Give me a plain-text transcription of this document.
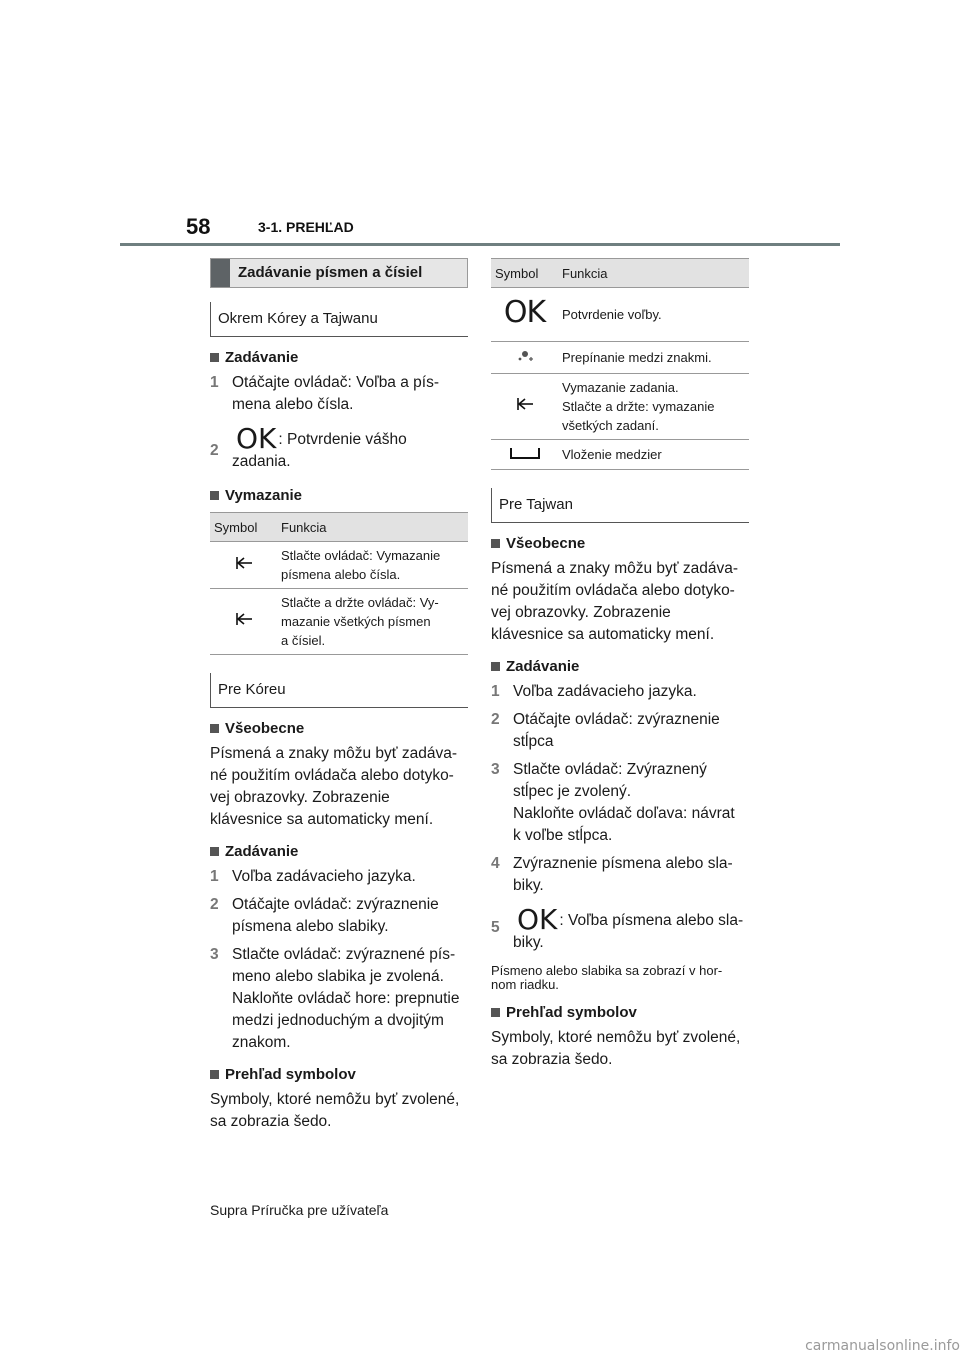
58	3-1. PREHĽAD
Zadávanie písmen a čísiel
Okrem Kórey a Tajwanu
Zadávanie
1 Otáčajte ovládač: Voľba a pís-
mena alebo čísla.
2 OK : Potvrdenie vášho zadania.
Vymazanie
Symbol	Funkcia
	Stlačte ovládač: Vymazanie
písmena alebo čísla.
	Stlačte a držte ovládač: Vy-
mazanie všetkých písmen
a čísiel.
Pre Kóreu
Všeobecne
Písmená a znaky môžu byť zadáva-
né použitím ovládača alebo dotyko-
vej obrazovky. Zobrazenie
klávesnice sa automaticky mení.
Zadávanie
1 Voľba zadávacieho jazyka.
2 Otáčajte ovládač: zvýraznenie
písmena alebo slabiky.
3 Stlačte ovládač: zvýraznené pís-
meno alebo slabika je zvolená.
Nakloňte ovládač hore: prepnutie
medzi jednoduchým a dvojitým
znakom.
Prehľad symbolov
Symboly, ktoré nemôžu byť zvolené,
sa zobrazia šedo.
Symbol	Funkcia
OK	Potvrdenie voľby.
	Prepínanie medzi znakmi.
	Vymazanie zadania.
Stlačte a držte: vymazanie
všetkých zadaní.
	Vloženie medzier
Pre Tajwan
Všeobecne
Písmená a znaky môžu byť zadáva-
né použitím ovládača alebo dotyko-
vej obrazovky. Zobrazenie
klávesnice sa automaticky mení.
Zadávanie
1 Voľba zadávacieho jazyka.
2 Otáčajte ovládač: zvýraznenie
stĺpca
3 Stlačte ovládač: Zvýraznený
stĺpec je zvolený.
Nakloňte ovládač doľava: návrat
k voľbe stĺpca.
4 Zvýraznenie písmena alebo sla-
biky.
5 OK : Voľba písmena alebo sla-
biky.
Písmeno alebo slabika sa zobrazí v hor-
nom riadku.
Prehľad symbolov
Symboly, ktoré nemôžu byť zvolené,
sa zobrazia šedo.
Supra Príručka pre užívateľa
carmanualsonline.info
